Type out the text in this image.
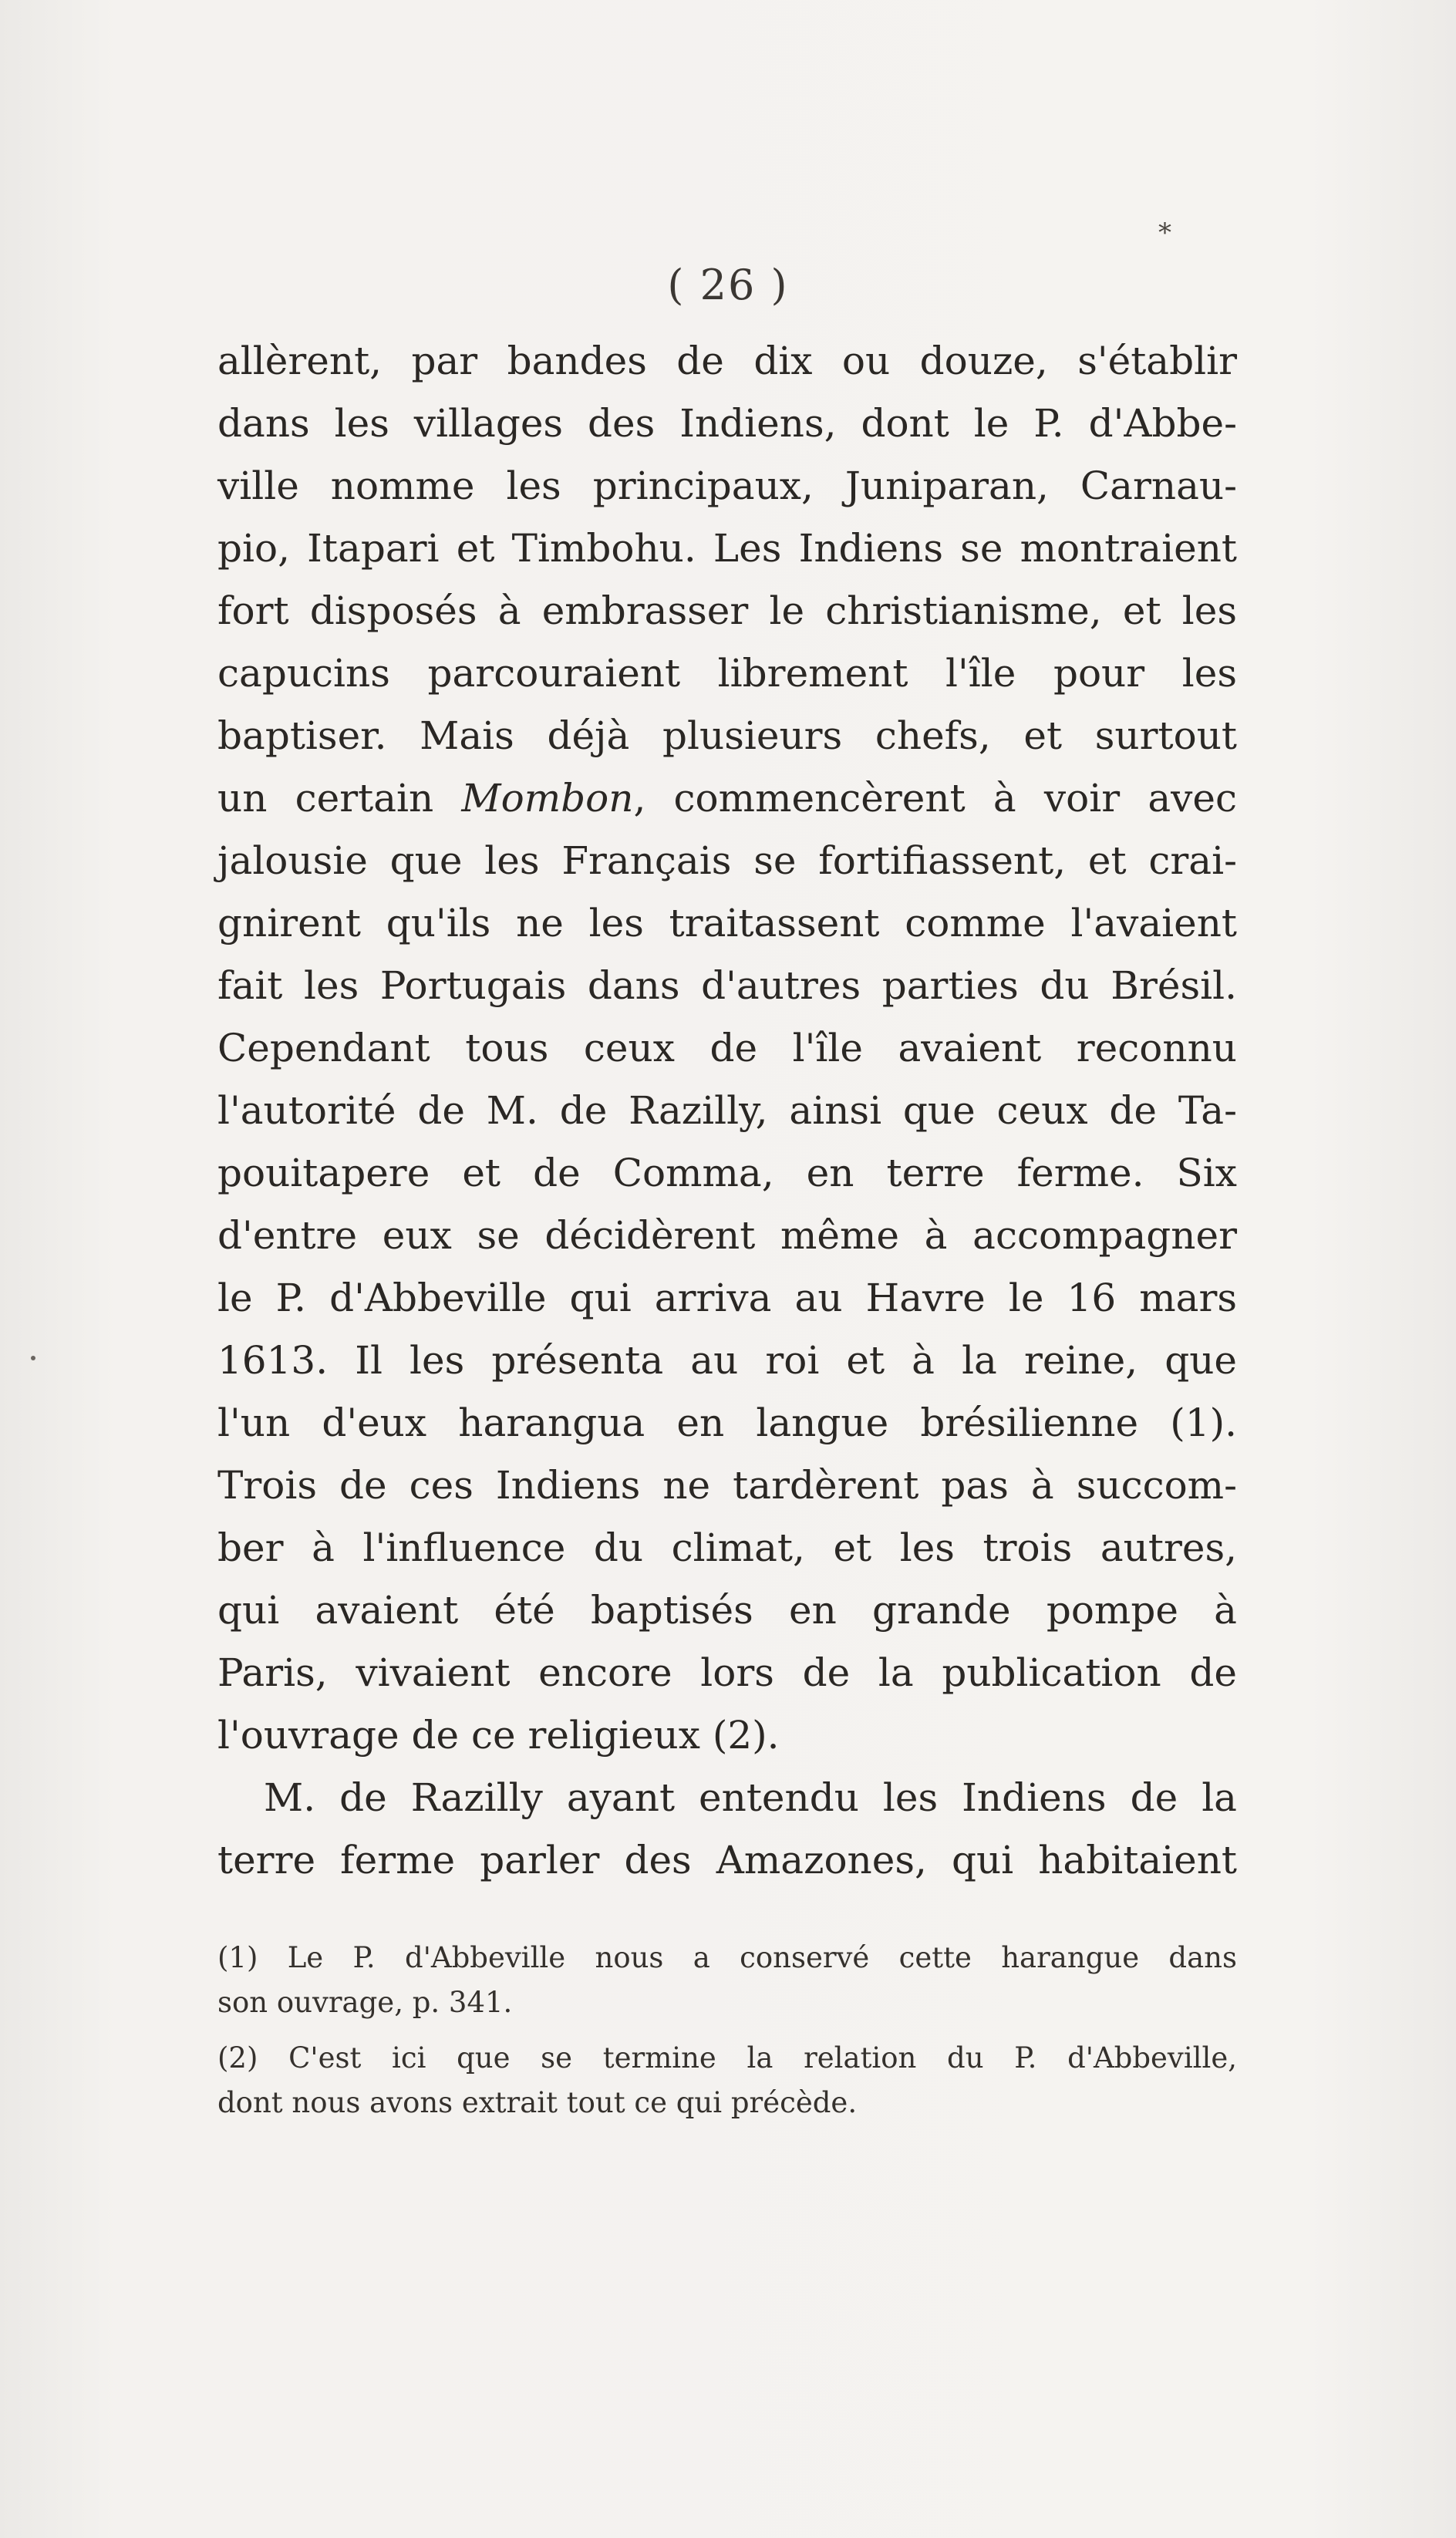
*
( 26 )
allèrent, par bandes de dix ou douze, s'établir
dans les villages des Indiens, dont le P. d'Abbe-
ville nomme les principaux, Juniparan, Carnau-
pio, Itapari et Timbohu. Les Indiens se montraient
fort disposés à embrasser le christianisme, et les
capucins parcouraient librement l'île pour les
baptiser. Mais déjà plusieurs chefs, et surtout
un certain Mombon, commencèrent à voir avec
jalousie que les Français se fortifiassent, et crai-
gnirent qu'ils ne les traitassent comme l'avaient
fait les Portugais dans d'autres parties du Brésil.
Cependant tous ceux de l'île avaient reconnu
l'autorité de M. de Razilly, ainsi que ceux de Ta-
pouitapere et de Comma, en terre ferme. Six
d'entre eux se décidèrent même à accompagner
le P. d'Abbeville qui arriva au Havre le 16 mars
1613. Il les présenta au roi et à la reine, que
l'un d'eux harangua en langue brésilienne (1).
Trois de ces Indiens ne tardèrent pas à succom-
ber à l'influence du climat, et les trois autres,
qui avaient été baptisés en grande pompe à
Paris, vivaient encore lors de la publication de
l'ouvrage de ce religieux (2).
M. de Razilly ayant entendu les Indiens de la
terre ferme parler des Amazones, qui habitaient
(1) Le P. d'Abbeville nous a conservé cette harangue dans
son ouvrage, p. 341.
(2) C'est ici que se termine la relation du P. d'Abbeville,
dont nous avons extrait tout ce qui précède.
